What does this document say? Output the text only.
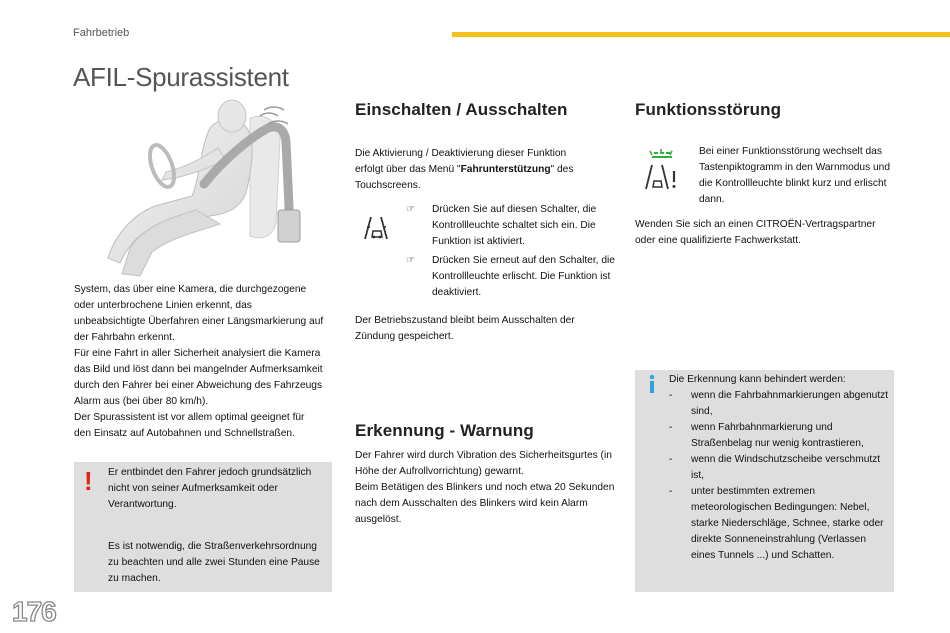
Fahrbetrieb
AFIL-Spurassistent

System, das über eine Kamera, die durchgezogene oder unterbrochene Linien erkennt, das unbeabsichtigte Überfahren einer Längsmarkierung auf der Fahrbahn erkennt.

Für eine Fahrt in aller Sicherheit analysiert die Kamera das Bild und löst dann bei mangelnder Aufmerksamkeit durch den Fahrer bei einer Abweichung des Fahrzeugs Alarm aus (bei über 80 km/h).

Der Spurassistent ist vor allem optimal geeignet für den Einsatz auf Autobahnen und Schnellstraßen.

! Er entbindet den Fahrer jedoch grundsätzlich nicht von seiner Aufmerksamkeit oder Verantwortung.

Es ist notwendig, die Straßenverkehrsordnung zu beachten und alle zwei Stunden eine Pause zu machen.

Einschalten / Ausschalten

Die Aktivierung / Deaktivierung dieser Funktion erfolgt über das Menü "Fahrunterstützung" des Touchscreens.

☞ Drücken Sie auf diesen Schalter, die Kontrollleuchte schaltet sich ein. Die Funktion ist aktiviert.
☞ Drücken Sie erneut auf den Schalter, die Kontrollleuchte erlischt. Die Funktion ist deaktiviert.

Der Betriebszustand bleibt beim Ausschalten der Zündung gespeichert.

Erkennung - Warnung

Der Fahrer wird durch Vibration des Sicherheitsgurtes (in Höhe der Aufrollvorrichtung) gewarnt.

Beim Betätigen des Blinkers und noch etwa 20 Sekunden nach dem Ausschalten des Blinkers wird kein Alarm ausgelöst.

Funktionsstörung

Bei einer Funktionsstörung wechselt das Tastenpiktogramm in den Warnmodus und die Kontrollleuchte blinkt kurz und erlischt dann.

Wenden Sie sich an einen CITROËN-Vertragspartner oder eine qualifizierte Fachwerkstatt.

Die Erkennung kann behindert werden:

- wenn die Fahrbahnmarkierungen abgenutzt sind,
- wenn Fahrbahnmarkierung und Straßenbelag nur wenig kontrastieren,
- wenn die Windschutzscheibe verschmutzt ist,
- unter bestimmten extremen meteorologischen Bedingungen: Nebel, starke Niederschläge, Schnee, starke oder direkte Sonneneinstrahlung (Verlassen eines Tunnels ...) und Schatten.
176
